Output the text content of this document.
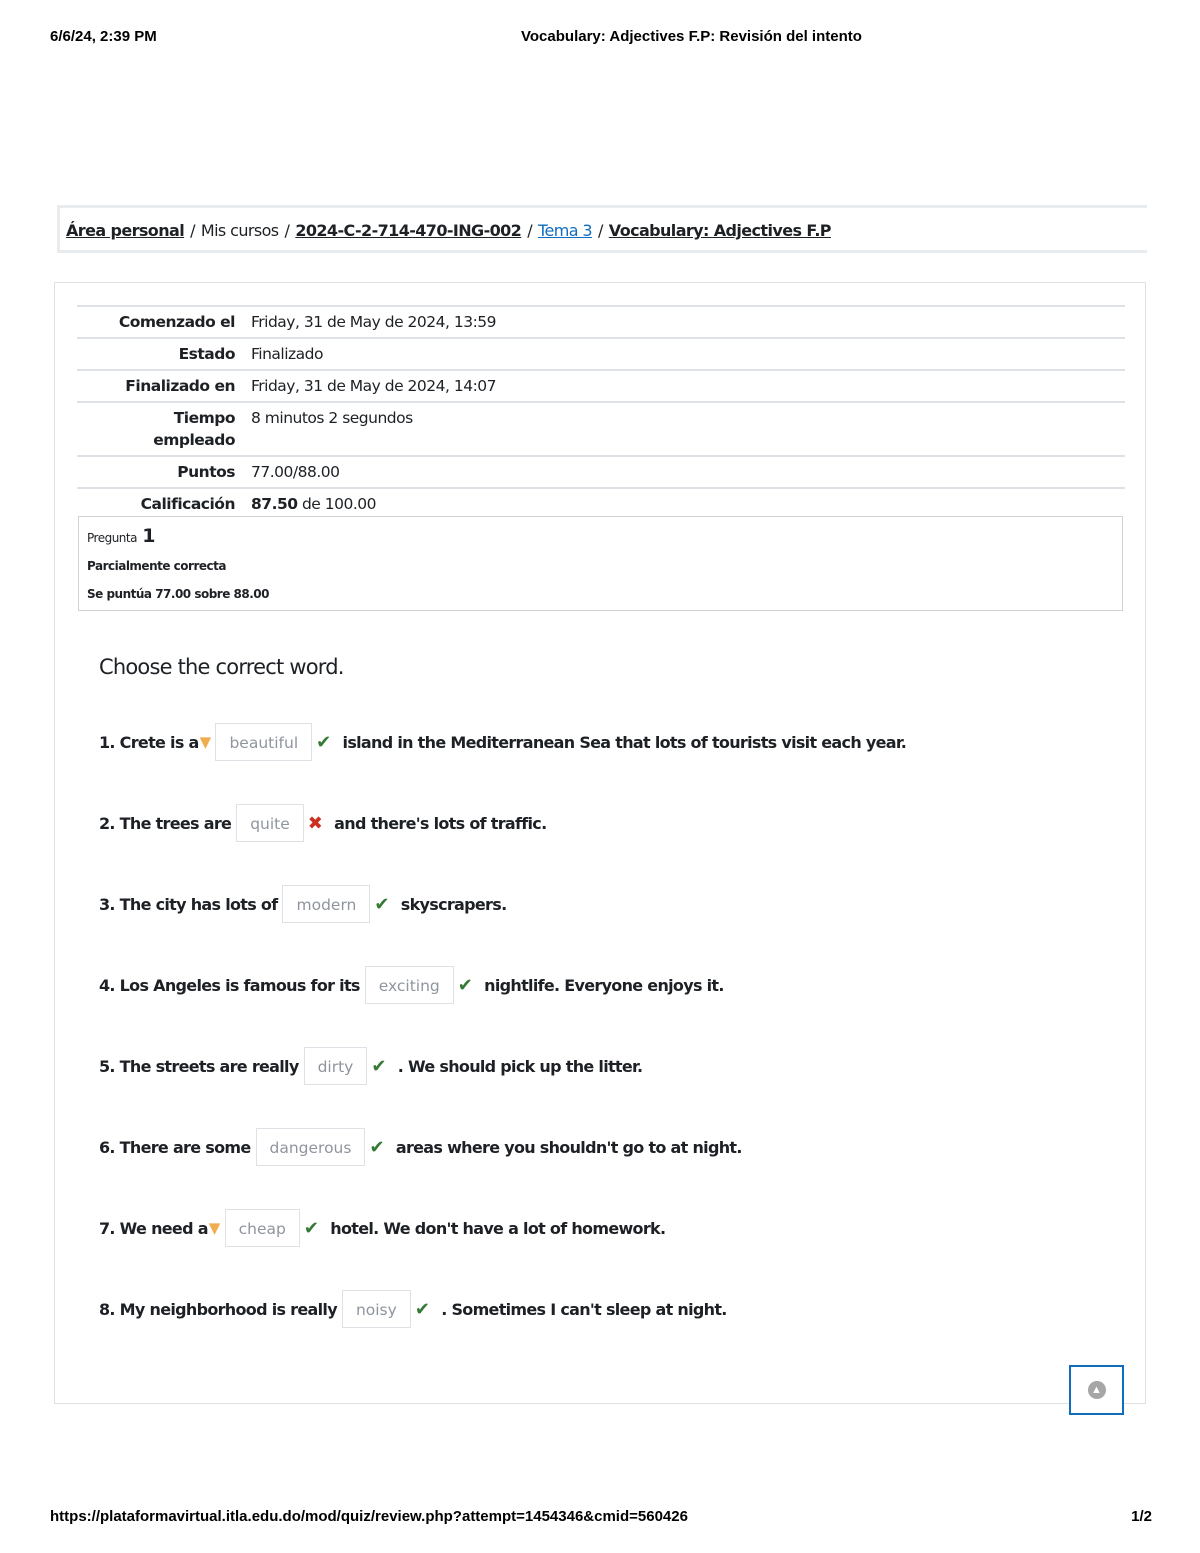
6/6/24, 2:39 PM	Vocabulary: Adjectives F.P: Revisión del intento
Área personal / Mis cursos / 2024-C-2-714-470-ING-002 / Tema 3 / Vocabulary: Adjectives F.P
Comenzado el	Friday, 31 de May de 2024, 13:59
Estado	Finalizado
Finalizado en	Friday, 31 de May de 2024, 14:07
Tiempo
empleado	8 minutos 2 segundos
Puntos	77.00/88.00
Calificación	87.50 de 100.00
Pregunta 1
Parcialmente correcta
Se puntúa 77.00 sobre 88.00
Choose the correct word.
1. Crete is a ▼	beautiful	✔ island in the Mediterranean Sea that lots of tourists visit each year.
2. The trees are	quite	✖ and there's lots of traffic.
3. The city has lots of	modern	✔ skyscrapers.
4. Los Angeles is famous for its	exciting	✔ nightlife. Everyone enjoys it.
5. The streets are really	dirty	✔ . We should pick up the litter.
6. There are some	dangerous	✔ areas where you shouldn't go to at night.
7. We need a ▼	cheap	✔ hotel. We don't have a lot of homework.
8. My neighborhood is really	noisy	✔ . Sometimes I can't sleep at night.
▲
https://plataformavirtual.itla.edu.do/mod/quiz/review.php?attempt=1454346&cmid=560426	1/2
